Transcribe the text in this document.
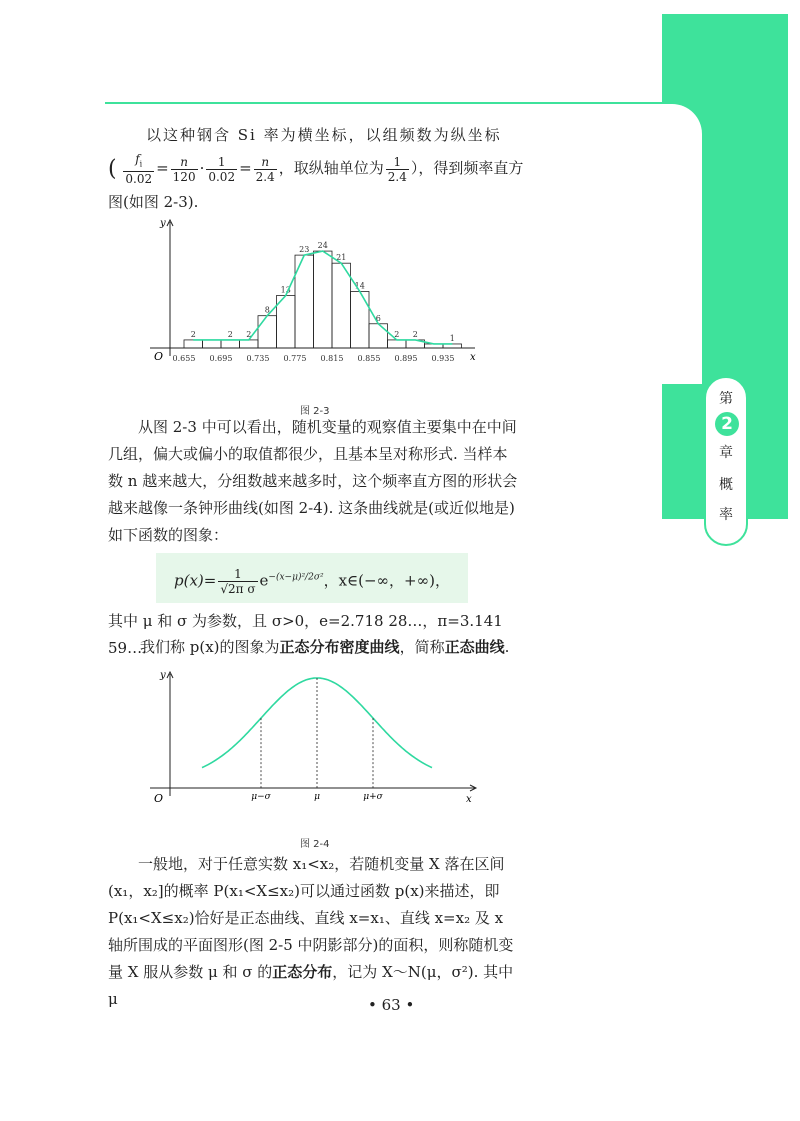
第
2
章
概
率
以这种钢含 Si 率为横坐标，以组频数为纵坐标
( $\frac{f_i}{0.02} = \frac{n}{120} \cdot \frac{1}{0.02} = \frac{n}{2.4}$ ，取纵轴单位为 $\frac{1}{2.4}$ ），得到频率直方
图(如图 2-3).
y
x
O
2	2 2
8
13
23 24
21
14
6
2 2	1
0.655 0.695 0.735 0.775 0.815 0.855 0.895 0.935
图 2-3

从图 2-3 中可以看出，随机变量的观察值主要集中在中间几组，偏大或偏小的取值都很少，且基本呈对称形式. 当样本数 n 越来越大，分组数越来越多时，这个频率直方图的形状会越来越像一条钟形曲线(如图 2-4). 这条曲线就是(或近似地是)如下函数的图象：

$p(x)= \frac{1}{\text{√2π σ}} e^{-(x-\mu)^2/2\sigma^2}$，x∈(−∞，+∞)，

其中 μ 和 σ 为参数，且 σ>0，e=2.718 28…，π=3.141 59….

我们称 p(x)的图象为正态分布密度曲线，简称正态曲线.
y
x
O	μ−σ	μ	μ+σ
图 2-4

一般地，对于任意实数 x₁<x₂，若随机变量 X 落在区间(x₁，x₂]的概率 P(x₁<X≤x₂)可以通过函数 p(x)来描述，即P(x₁<X≤x₂)恰好是正态曲线、直线 x=x₁、直线 x=x₂ 及 x轴所围成的平面图形(图 2-5 中阴影部分)的面积，则称随机变量 X 服从参数 μ 和 σ 的正态分布，记为 X～N(μ，σ²). 其中 μ	• 63 •
